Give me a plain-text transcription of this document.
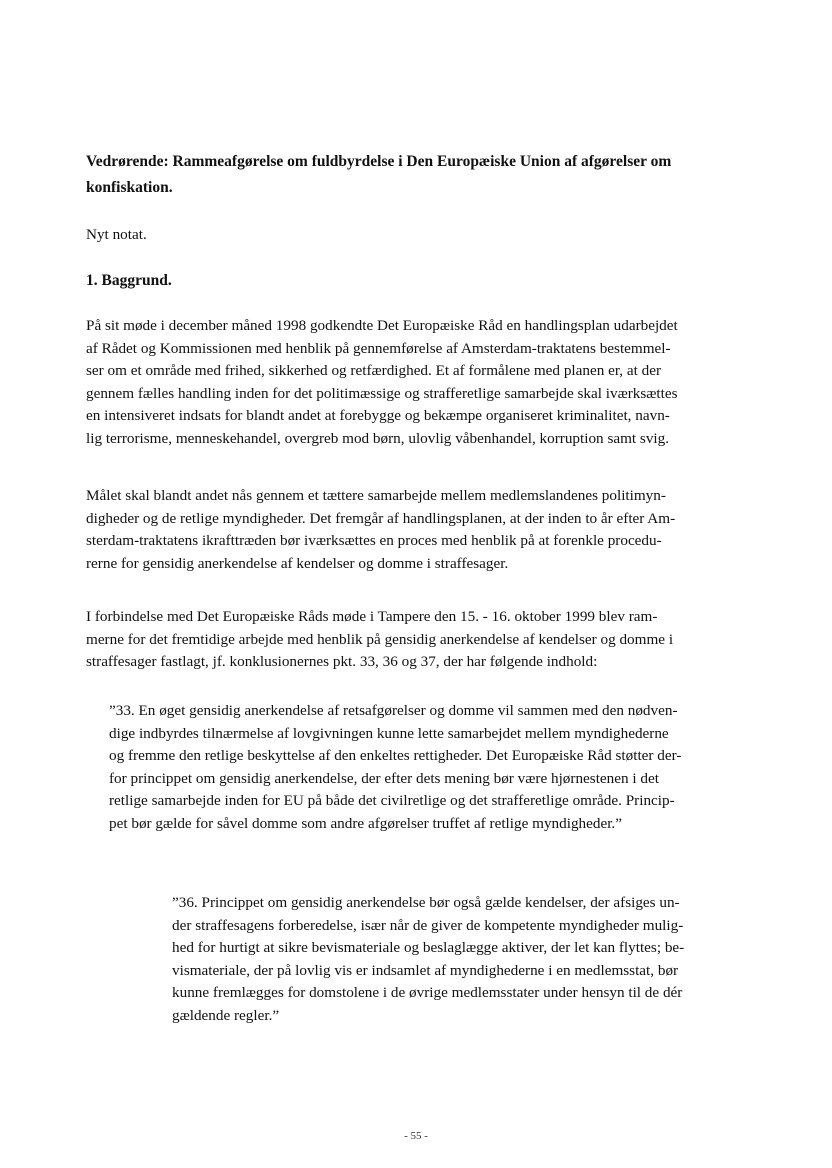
Vedrørende: Rammeafgørelse om fuldbyrdelse i Den Europæiske Union af afgørelser om
konfiskation.
Nyt notat.
1. Baggrund.
På sit møde i december måned 1998 godkendte Det Europæiske Råd en handlingsplan udarbejdet
af Rådet og Kommissionen med henblik på gennemførelse af Amsterdam-traktatens bestemmel-
ser om et område med frihed, sikkerhed og retfærdighed. Et af formålene med planen er, at der
gennem fælles handling inden for det politimæssige og strafferetlige samarbejde skal iværksættes
en intensiveret indsats for blandt andet at forebygge og bekæmpe organiseret kriminalitet, navn-
lig terrorisme, menneskehandel, overgreb mod børn, ulovlig våbenhandel, korruption samt svig.
Målet skal blandt andet nås gennem et tættere samarbejde mellem medlemslandenes politimyn-
digheder og de retlige myndigheder. Det fremgår af handlingsplanen, at der inden to år efter Am-
sterdam-traktatens ikrafttræden bør iværksættes en proces med henblik på at forenkle procedu-
rerne for gensidig anerkendelse af kendelser og domme i straffesager.
I forbindelse med Det Europæiske Råds møde i Tampere den 15. - 16. oktober 1999 blev ram-
merne for det fremtidige arbejde med henblik på gensidig anerkendelse af kendelser og domme i
straffesager fastlagt, jf. konklusionernes pkt. 33, 36 og 37, der har følgende indhold:
”33. En øget gensidig anerkendelse af retsafgørelser og domme vil sammen med den nødven-
dige indbyrdes tilnærmelse af lovgivningen kunne lette samarbejdet mellem myndighederne
og fremme den retlige beskyttelse af den enkeltes rettigheder. Det Europæiske Råd støtter der-
for princippet om gensidig anerkendelse, der efter dets mening bør være hjørnestenen i det
retlige samarbejde inden for EU på både det civilretlige og det strafferetlige område. Princip-
pet bør gælde for såvel domme som andre afgørelser truffet af retlige myndigheder.”
”36. Princippet om gensidig anerkendelse bør også gælde kendelser, der afsiges un-
der straffesagens forberedelse, især når de giver de kompetente myndigheder mulig-
hed for hurtigt at sikre bevismateriale og beslaglægge aktiver, der let kan flyttes; be-
vismateriale, der på lovlig vis er indsamlet af myndighederne i en medlemsstat, bør
kunne fremlægges for domstolene i de øvrige medlemsstater under hensyn til de dér
gældende regler.”
- 55 -
